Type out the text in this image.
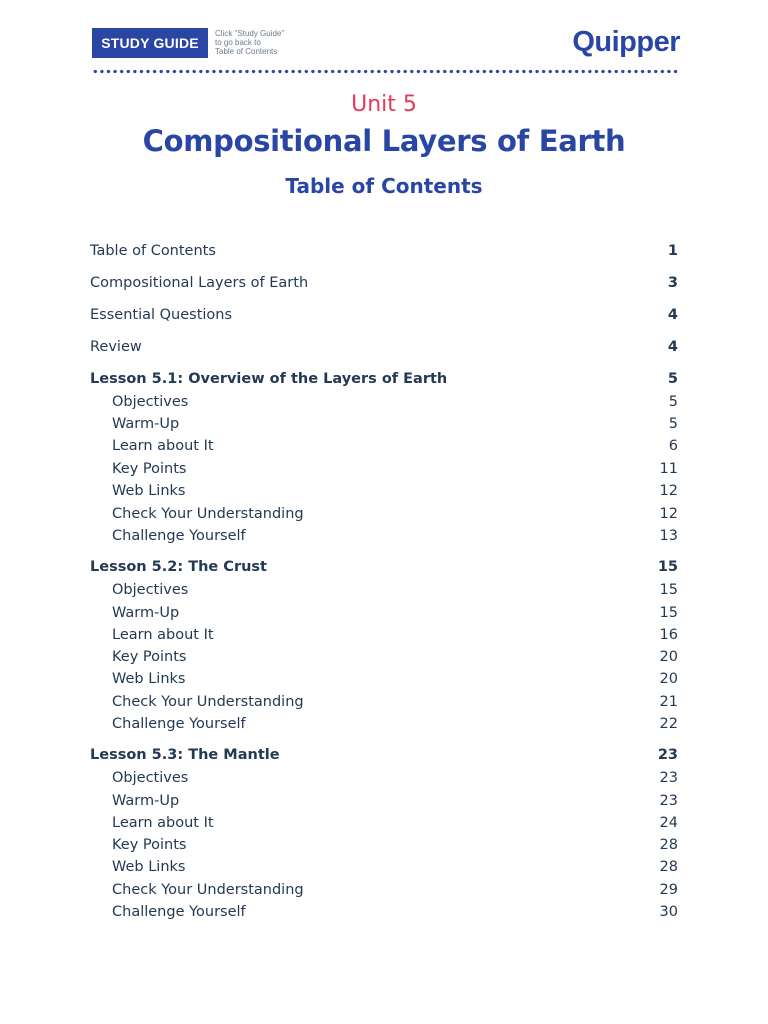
STUDY GUIDE
Click "Study Guide"
to go back to
Table of Contents	Quipper
Unit 5
Compositional Layers of Earth
Table of Contents
Table of Contents	1
Compositional Layers of Earth	3
Essential Questions	4
Review	4
Lesson 5.1: Overview of the Layers of Earth	5
Objectives	5
Warm-Up	5
Learn about It	6
Key Points	11
Web Links	12
Check Your Understanding	12
Challenge Yourself	13
Lesson 5.2: The Crust	15
Objectives	15
Warm-Up	15
Learn about It	16
Key Points	20
Web Links	20
Check Your Understanding	21
Challenge Yourself	22
Lesson 5.3: The Mantle	23
Objectives	23
Warm-Up	23
Learn about It	24
Key Points	28
Web Links	28
Check Your Understanding	29
Challenge Yourself	30
